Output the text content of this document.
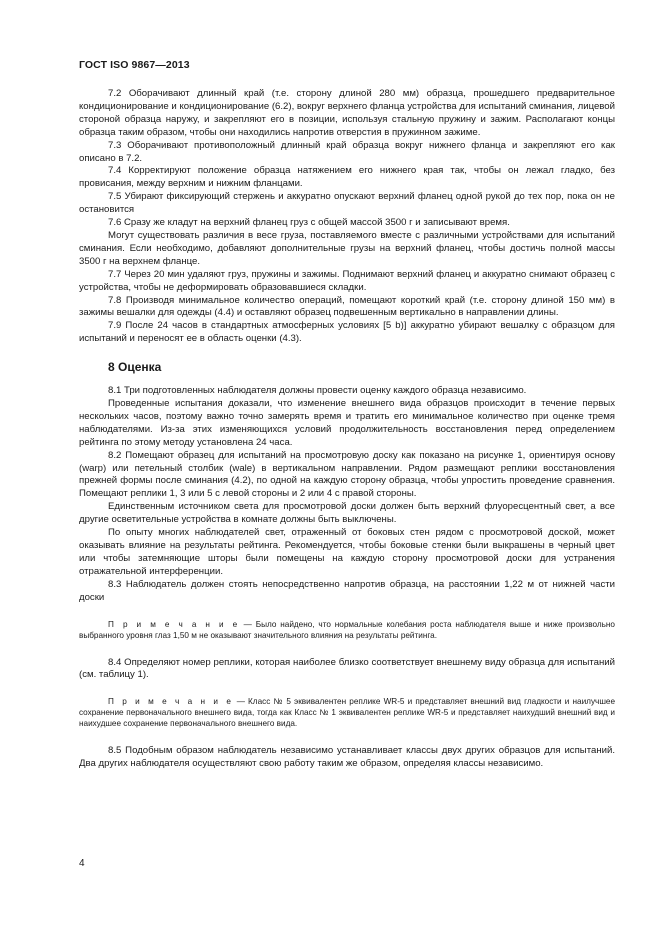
ГОСТ ISO 9867—2013

7.2 Оборачивают длинный край (т.е. сторону длиной 280 мм) образца, прошедшего предварительное кондиционирование и кондиционирование (6.2), вокруг верхнего фланца устройства для испытаний сминания, лицевой стороной образца наружу, и закрепляют его в позиции, используя стальную пружину и зажим. Располагают концы образца таким образом, чтобы они находились напротив отверстия в пружинном зажиме.

7.3 Оборачивают противоположный длинный край образца вокруг нижнего фланца и закрепляют его как описано в 7.2.

7.4 Корректируют положение образца натяжением его нижнего края так, чтобы он лежал гладко, без провисания, между верхним и нижним фланцами.

7.5 Убирают фиксирующий стержень и аккуратно опускают верхний фланец одной рукой до тех пор, пока он не остановится

7.6 Сразу же кладут на верхний фланец груз с общей массой 3500 г и записывают время.

Могут существовать различия в весе груза, поставляемого вместе с различными устройствами для испытаний сминания. Если необходимо, добавляют дополнительные грузы на верхний фланец, чтобы достичь полной массы 3500 г на верхнем фланце.

7.7 Через 20 мин удаляют груз, пружины и зажимы. Поднимают верхний фланец и аккуратно снимают образец с устройства, чтобы не деформировать образовавшиеся складки.

7.8 Производя минимальное количество операций, помещают короткий край (т.е. сторону длиной 150 мм) в зажимы вешалки для одежды (4.4) и оставляют образец подвешенным вертикально в направлении длины.

7.9 После 24 часов в стандартных атмосферных условиях [5 b)] аккуратно убирают вешалку с образцом для испытаний и переносят ее в область оценки (4.3).

8 Оценка

8.1 Три подготовленных наблюдателя должны провести оценку каждого образца независимо.

Проведенные испытания доказали, что изменение внешнего вида образцов происходит в течение первых нескольких часов, поэтому важно точно замерять время и тратить его минимальное количество при оценке тремя наблюдателями. Из-за этих изменяющихся условий продолжительность восстановления перед определением рейтинга по этому методу установлена 24 часа.

8.2 Помещают образец для испытаний на просмотровую доску как показано на рисунке 1, ориентируя основу (warp) или петельный столбик (wale) в вертикальном направлении. Рядом размещают реплики восстановления прежней формы после сминания (4.2), по одной на каждую сторону образца, чтобы упростить проведение сравнения. Помещают реплики 1, 3 или 5 с левой стороны и 2 или 4 с правой стороны.

Единственным источником света для просмотровой доски должен быть верхний флуоресцентный свет, а все другие осветительные устройства в комнате должны быть выключены.

По опыту многих наблюдателей свет, отраженный от боковых стен рядом с просмотровой доской, может оказывать влияние на результаты рейтинга. Рекомендуется, чтобы боковые стенки были выкрашены в черный цвет или чтобы затемняющие шторы были помещены на каждую сторону просмотровой доски для устранения отражательной интерференции.

8.3 Наблюдатель должен стоять непосредственно напротив образца, на расстоянии 1,22 м от нижней части доски

П р и м е ч а н и е — Было найдено, что нормальные колебания роста наблюдателя выше и ниже произвольно выбранного уровня глаз 1,50 м не оказывают значительного влияния на результаты рейтинга.

8.4 Определяют номер реплики, которая наиболее близко соответствует внешнему виду образца для испытаний (см. таблицу 1).

П р и м е ч а н и е — Класс № 5 эквивалентен реплике WR-5 и представляет внешний вид гладкости и наилучшее сохранение первоначального внешнего вида, тогда как Класс № 1 эквивалентен реплике WR-5 и представляет наихудший внешний вид и наихудшее сохранение первоначального внешнего вида.

8.5 Подобным образом наблюдатель независимо устанавливает классы двух других образцов для испытаний. Два других наблюдателя осуществляют свою работу таким же образом, определяя классы независимо.

4
